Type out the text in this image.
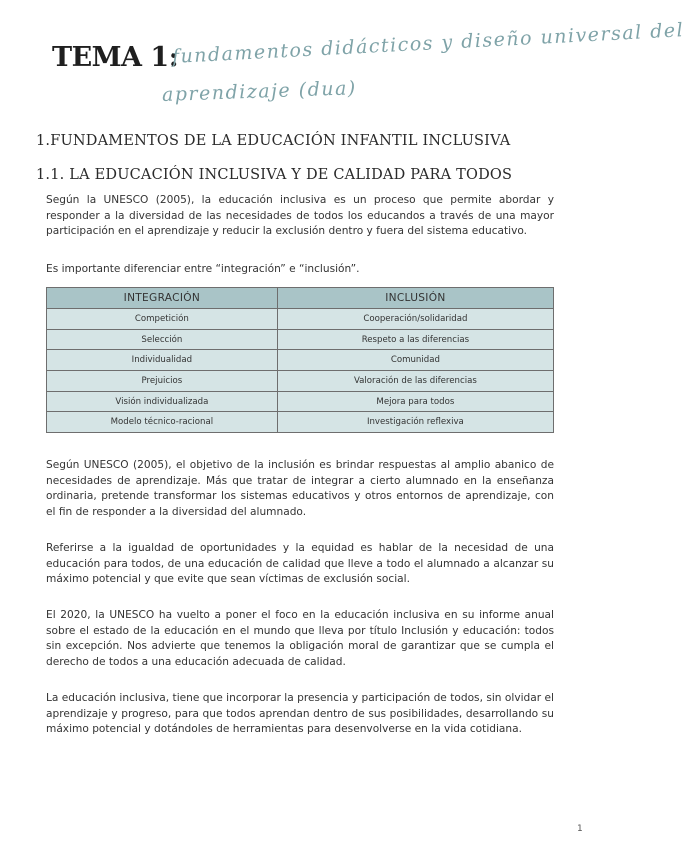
TEMA 1:
fundamentos didácticos y diseño universal del
aprendizaje (dua)
1.FUNDAMENTOS DE LA EDUCACIÓN INFANTIL INCLUSIVA
1.1. LA EDUCACIÓN INCLUSIVA Y DE CALIDAD PARA TODOS
Según la UNESCO (2005), la educación inclusiva es un proceso que permite abordar y responder a la diversidad de las necesidades de todos los educandos a través de una mayor participación en el aprendizaje y reducir la exclusión dentro y fuera del sistema educativo.
Es importante diferenciar entre “integración” e “inclusión”.
INTEGRACIÓN	INCLUSIÓN
Competición	Cooperación/solidaridad
Selección	Respeto a las diferencias
Individualidad	Comunidad
Prejuicios	Valoración de las diferencias
Visión individualizada	Mejora para todos
Modelo técnico-racional	Investigación reflexiva
Según UNESCO (2005), el objetivo de la inclusión es brindar respuestas al amplio abanico de necesidades de aprendizaje. Más que tratar de integrar a cierto alumnado en la enseñanza ordinaria, pretende transformar los sistemas educativos y otros entornos de aprendizaje, con el fin de responder a la diversidad del alumnado.
Referirse a la igualdad de oportunidades y la equidad es hablar de la necesidad de una educación para todos, de una educación de calidad que lleve a todo el alumnado a alcanzar su máximo potencial y que evite que sean víctimas de exclusión social.
El 2020, la UNESCO ha vuelto a poner el foco en la educación inclusiva en su informe anual sobre el estado de la educación en el mundo que lleva por título Inclusión y educación: todos sin excepción. Nos advierte que tenemos la obligación moral de garantizar que se cumpla el derecho de todos a una educación adecuada de calidad.
La educación inclusiva, tiene que incorporar la presencia y participación de todos, sin olvidar el aprendizaje y progreso, para que todos aprendan dentro de sus posibilidades, desarrollando su máximo potencial y dotándoles de herramientas para desenvolverse en la vida cotidiana.
1
